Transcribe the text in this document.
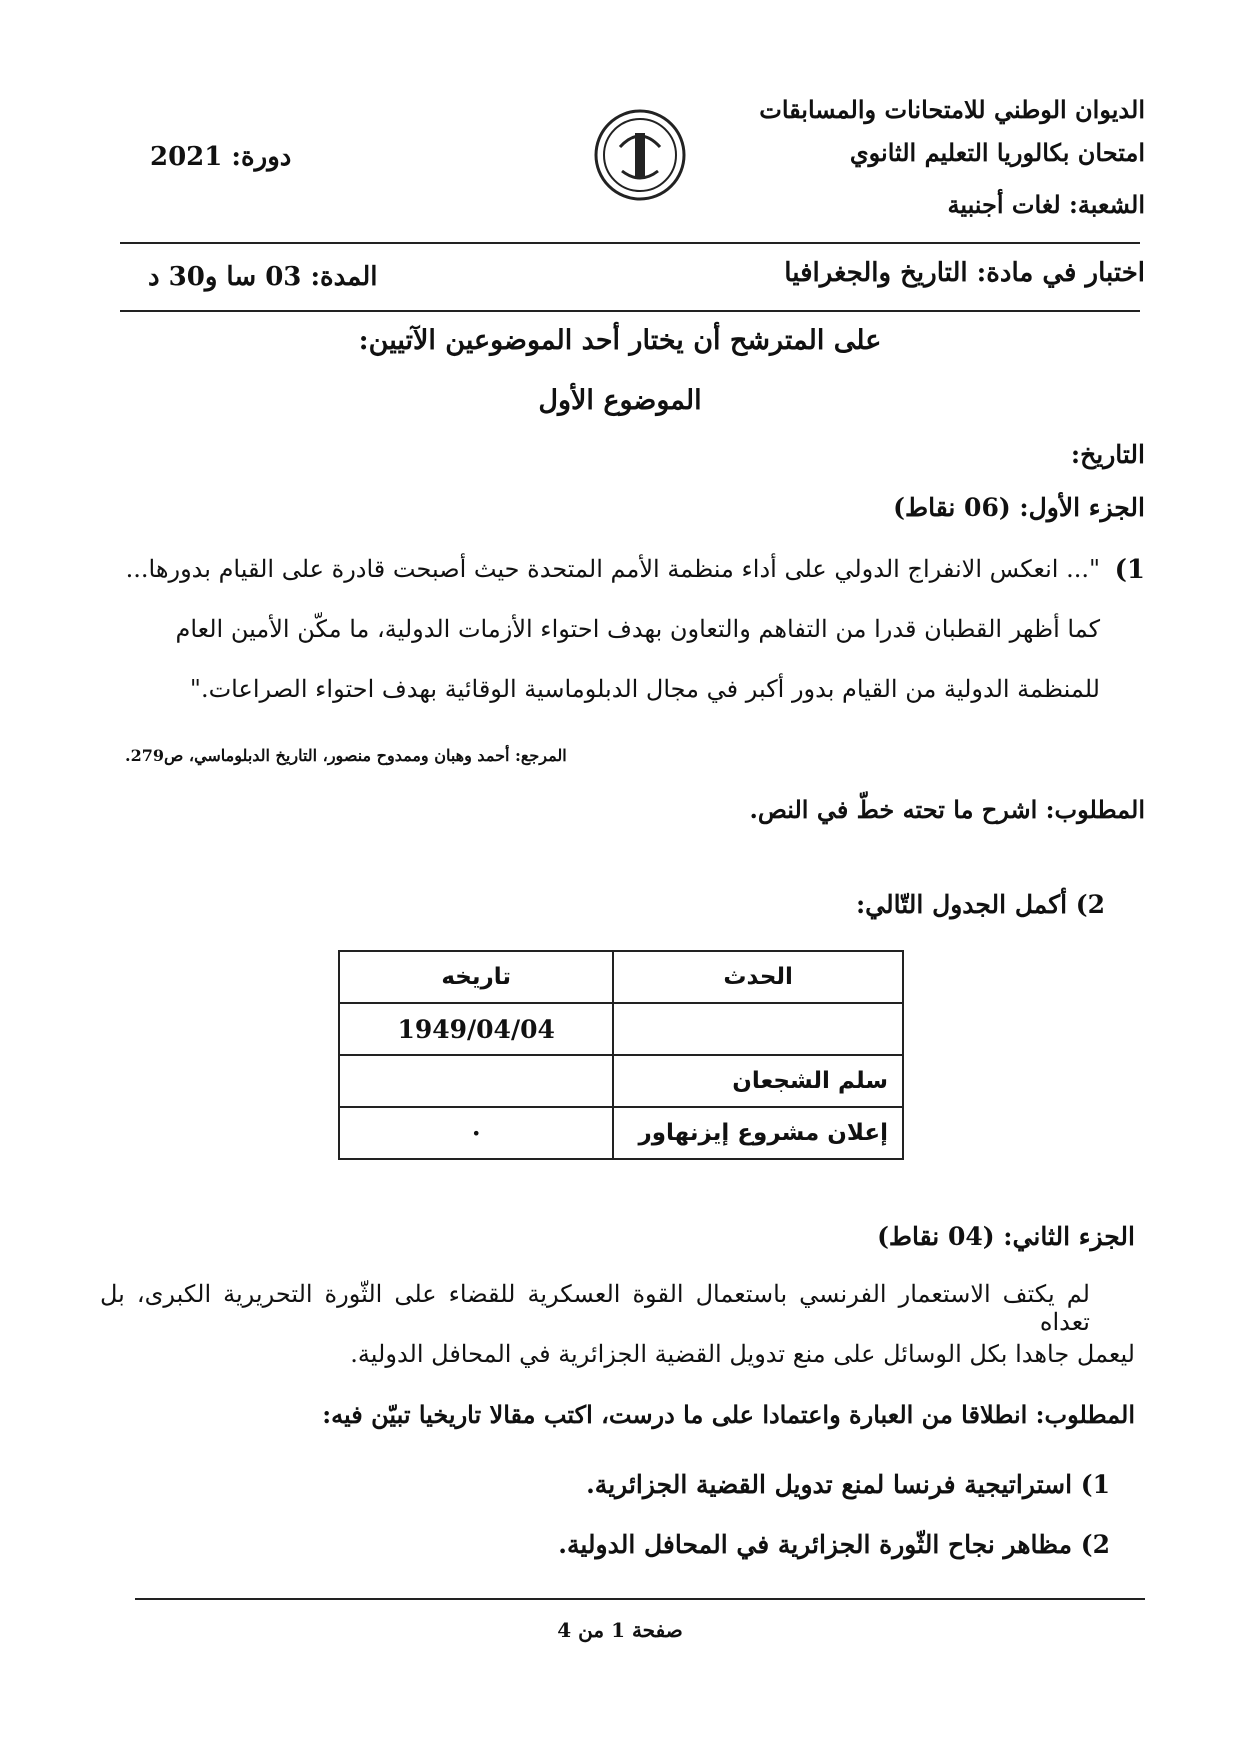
الديوان الوطني للامتحانات والمسابقات
امتحان بكالوريا التعليم الثانوي
الشعبة: لغات أجنبية
دورة: 2021
اختبار في مادة: التاريخ والجغرافيا
المدة: 03 سا و30 د
على المترشح أن يختار أحد الموضوعين الآتيين:
الموضوع الأول
التاريخ:
الجزء الأول: (06 نقاط)
1)
"... انعكس الانفراج الدولي على أداء منظمة الأمم المتحدة حيث أصبحت قادرة على القيام بدورها...
كما أظهر القطبان قدرا من التفاهم والتعاون بهدف احتواء الأزمات الدولية، ما مكّن الأمين العام
للمنظمة الدولية من القيام بدور أكبر في مجال الدبلوماسية الوقائية بهدف احتواء الصراعات."
المرجع: أحمد وهبان وممدوح منصور، التاريخ الدبلوماسي، ص279.
المطلوب: اشرح ما تحته خطّ في النص.
2) أكمل الجدول التّالي:
الحدث	تاريخه
	1949/04/04
سلم الشجعان	
إعلان مشروع إيزنهاور	·
الجزء الثاني: (04 نقاط)
لم يكتف الاستعمار الفرنسي باستعمال القوة العسكرية للقضاء على الثّورة التحريرية الكبرى، بل تعداه
ليعمل جاهدا بكل الوسائل على منع تدويل القضية الجزائرية في المحافل الدولية.
المطلوب: انطلاقا من العبارة واعتمادا على ما درست، اكتب مقالا تاريخيا تبيّن فيه:
1) استراتيجية فرنسا لمنع تدويل القضية الجزائرية.
2) مظاهر نجاح الثّورة الجزائرية في المحافل الدولية.
صفحة 1 من 4
